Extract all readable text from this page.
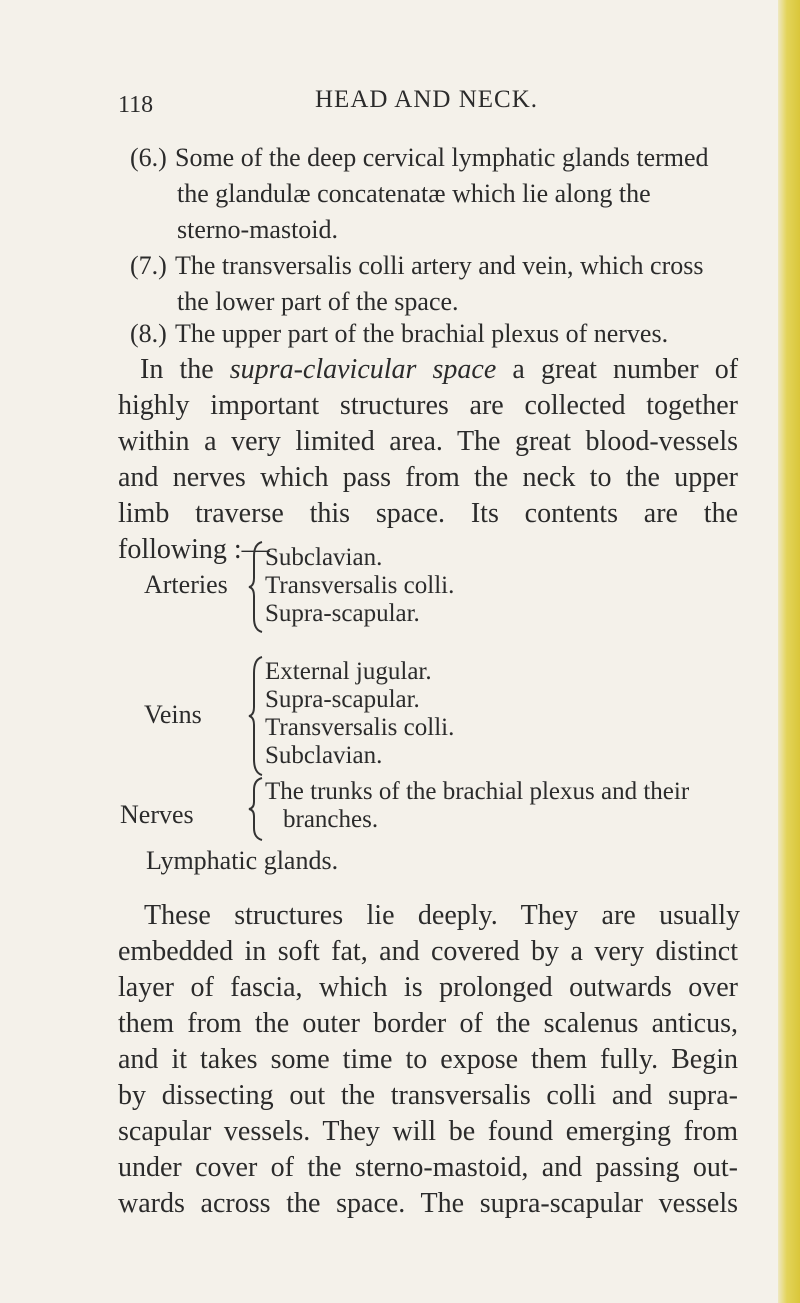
118	HEAD AND NECK.
(6.) Some of the deep cervical lymphatic glands termed
the glandulæ concatenatæ which lie along the
sterno-mastoid.
(7.) The transversalis colli artery and vein, which cross
the lower part of the space.
(8.) The upper part of the brachial plexus of nerves.
In the supra-clavicular space a great number of
highly important structures are collected together
within a very limited area. The great blood-vessels
and nerves which pass from the neck to the upper
limb traverse this space. Its contents are the
following :—
Arteries
Subclavian.
Transversalis colli.
Supra-scapular.
Veins
External jugular.
Supra-scapular.
Transversalis colli.
Subclavian.
Nerves
The trunks of the brachial plexus and their
branches.
Lymphatic glands.
These structures lie deeply. They are usually
embedded in soft fat, and covered by a very distinct
layer of fascia, which is prolonged outwards over
them from the outer border of the scalenus anticus,
and it takes some time to expose them fully. Begin
by dissecting out the transversalis colli and supra-
scapular vessels. They will be found emerging from
under cover of the sterno-mastoid, and passing out-
wards across the space. The supra-scapular vessels
